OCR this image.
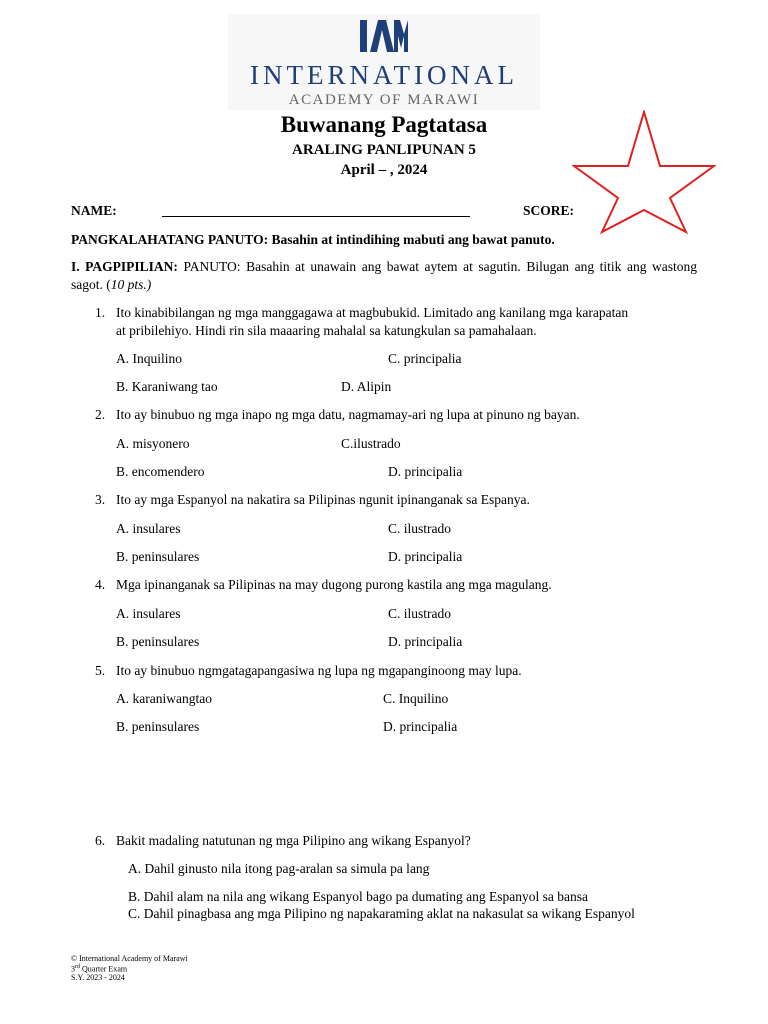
INTERNATIONAL
ACADEMY OF MARAWI
Buwanang Pagtatasa
ARALING PANLIPUNAN 5
April – , 2024
NAME:	SCORE:
PANGKALAHATANG PANUTO: Basahin at intindihing mabuti ang bawat panuto.
I. PAGPIPILIAN: PANUTO: Basahin at unawain ang bawat aytem at sagutin. Bilugan ang titik ang wastong sagot. (10 pts.)
1. Ito kinabibilangan ng mga manggagawa at magbubukid. Limitado ang kanilang mga karapatan
at pribilehiyo. Hindi rin sila maaaring mahalal sa katungkulan sa pamahalaan.
A. Inquilino	C. principalia
B. Karaniwang tao	D. Alipin
2. Ito ay binubuo ng mga inapo ng mga datu, nagmamay-ari ng lupa at pinuno ng bayan.
A. misyonero	C.ilustrado
B. encomendero	D. principalia
3. Ito ay mga Espanyol na nakatira sa Pilipinas ngunit ipinanganak sa Espanya.
A. insulares	C. ilustrado
B. peninsulares	D. principalia
4. Mga ipinanganak sa Pilipinas na may dugong purong kastila ang mga magulang.
A. insulares	C. ilustrado
B. peninsulares	D. principalia
5. Ito ay binubuo ngmgatagapangasiwa ng lupa ng mgapanginoong may lupa.
A. karaniwangtao	C. Inquilino
B. peninsulares	D. principalia
6. Bakit madaling natutunan ng mga Pilipino ang wikang Espanyol?
A. Dahil ginusto nila itong pag-aralan sa simula pa lang
B. Dahil alam na nila ang wikang Espanyol bago pa dumating ang Espanyol sa bansa
C. Dahil pinagbasa ang mga Pilipino ng napakaraming aklat na nakasulat sa wikang Espanyol
© International Academy of Marawi
3rd Quarter Exam
S.Y. 2023 - 2024
